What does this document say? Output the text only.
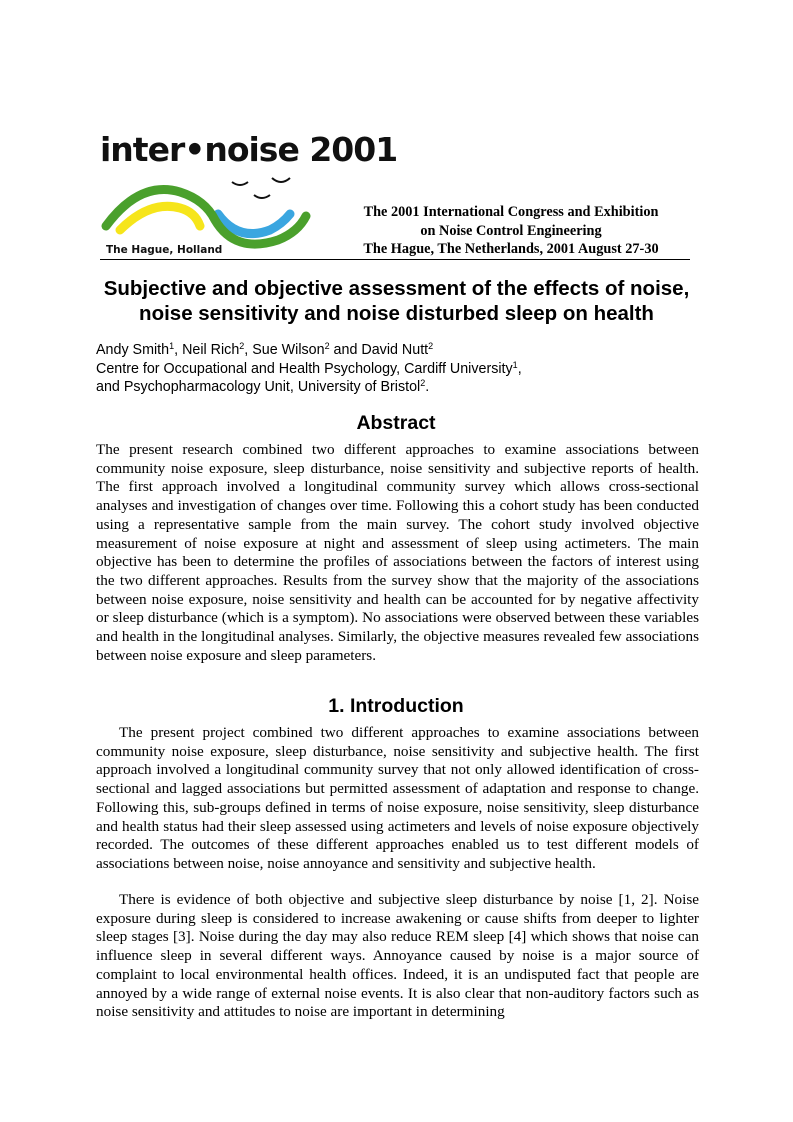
inter•noise 2001
The Hague, Holland
The 2001 International Congress and Exhibition
on Noise Control Engineering
The Hague, The Netherlands, 2001 August 27-30
Subjective and objective assessment of the effects of noise, noise sensitivity and noise disturbed sleep on health
Andy Smith$^1$, Neil Rich$^2$, Sue Wilson$^2$ and David Nutt$^2$
Centre for Occupational and Health Psychology, Cardiff University$^1$,
and Psychopharmacology Unit, University of Bristol$^2$.
Abstract

The present research combined two different approaches to examine associations between community noise exposure, sleep disturbance, noise sensitivity and subjective reports of health. The first approach involved a longitudinal community survey which allows cross-sectional analyses and investigation of changes over time. Following this a cohort study has been conducted using a representative sample from the main survey. The cohort study involved objective measurement of noise exposure at night and assessment of sleep using actimeters. The main objective has been to determine the profiles of associations between the factors of interest using the two different approaches. Results from the survey show that the majority of the associations between noise exposure, noise sensitivity and health can be accounted for by negative affectivity or sleep disturbance (which is a symptom). No associations were observed between these variables and health in the longitudinal analyses. Similarly, the objective measures revealed few associations between noise exposure and sleep parameters.

1. Introduction

The present project combined two different approaches to examine associations between community noise exposure, sleep disturbance, noise sensitivity and subjective health. The first approach involved a longitudinal community survey that not only allowed identification of cross-sectional and lagged associations but permitted assessment of adaptation and response to change. Following this, sub-groups defined in terms of noise exposure, noise sensitivity, sleep disturbance and health status had their sleep assessed using actimeters and levels of noise exposure objectively recorded. The outcomes of these different approaches enabled us to test different models of associations between noise, noise annoyance and sensitivity and subjective health.

There is evidence of both objective and subjective sleep disturbance by noise [1, 2]. Noise exposure during sleep is considered to increase awakening or cause shifts from deeper to lighter sleep stages [3]. Noise during the day may also reduce REM sleep [4] which shows that noise can influence sleep in several different ways. Annoyance caused by noise is a major source of complaint to local environmental health offices. Indeed, it is an undisputed fact that people are annoyed by a wide range of external noise events. It is also clear that non-auditory factors such as noise sensitivity and attitudes to noise are important in determining
